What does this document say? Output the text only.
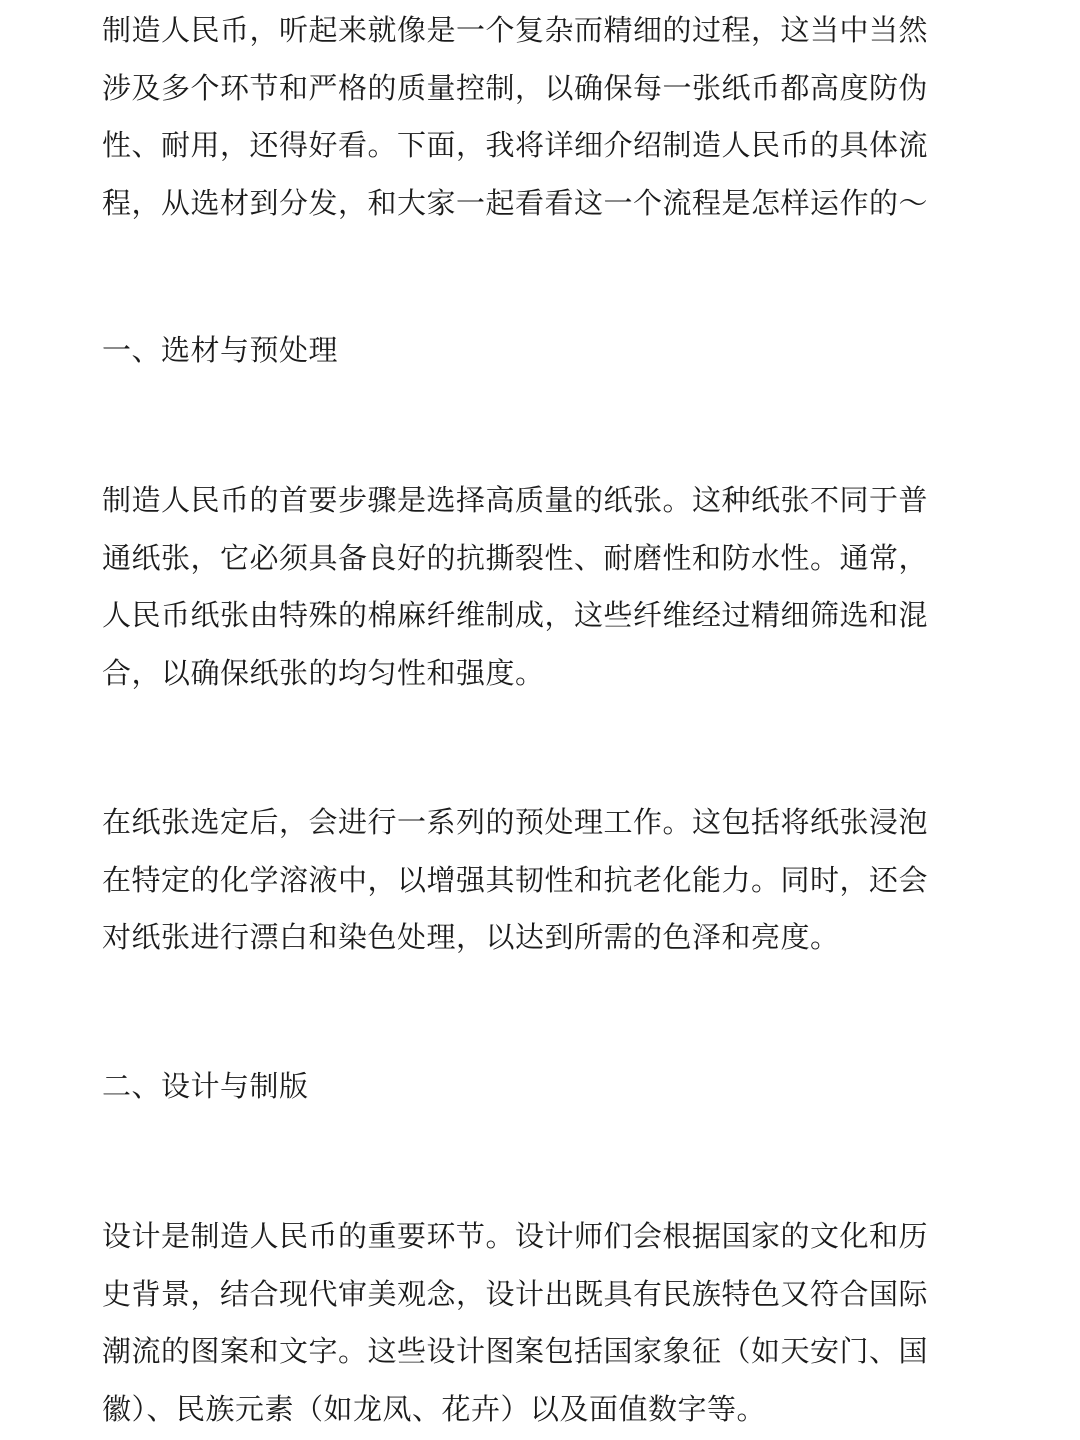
制造人民币，听起来就像是一个复杂而精细的过程，这当中当然
涉及多个环节和严格的质量控制，以确保每一张纸币都高度防伪
性、耐用，还得好看。下面，我将详细介绍制造人民币的具体流
程，从选材到分发，和大家一起看看这一个流程是怎样运作的～
一、选材与预处理
制造人民币的首要步骤是选择高质量的纸张。这种纸张不同于普
通纸张，它必须具备良好的抗撕裂性、耐磨性和防水性。通常，
人民币纸张由特殊的棉麻纤维制成，这些纤维经过精细筛选和混
合，以确保纸张的均匀性和强度。
在纸张选定后，会进行一系列的预处理工作。这包括将纸张浸泡
在特定的化学溶液中，以增强其韧性和抗老化能力。同时，还会
对纸张进行漂白和染色处理，以达到所需的色泽和亮度。
二、设计与制版
设计是制造人民币的重要环节。设计师们会根据国家的文化和历
史背景，结合现代审美观念，设计出既具有民族特色又符合国际
潮流的图案和文字。这些设计图案包括国家象征（如天安门、国
徽）、民族元素（如龙凤、花卉）以及面值数字等。
